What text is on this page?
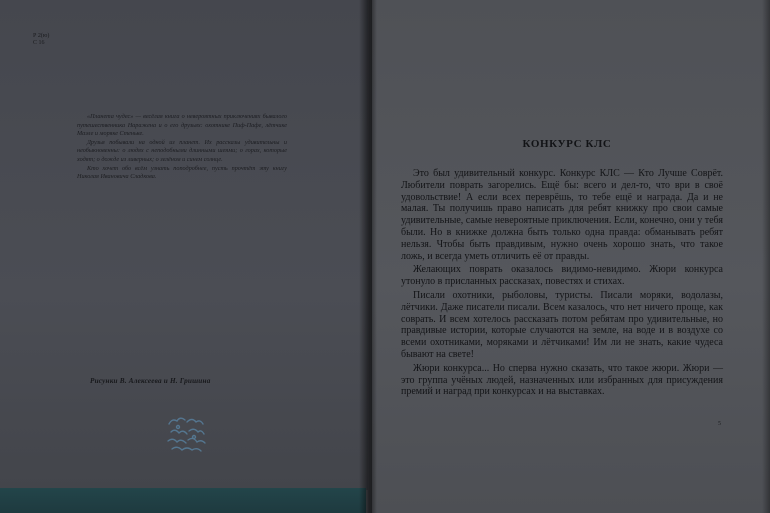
Р 2(ю)
С 16

«Планета чудес» — весёлая книга о невероятных приключениях бывалого путешественника Наражена и о его друзьях: охотнике Пиф-Пафе, лётчике Маэле и моряке Стеньке.

Друзья побывали на одной из планет. Их рассказы удивительны и необыкновенны: о людях с неподобными длинными шеями; о горах, которые ходят; о дожде из ливерных; о зелёном и синем солнце.

Кто хочет обо всём узнать поподробнее, пусть прочтёт эту книгу Николая Ивановича Сладкова.

Рисунки В. Алексеева и Н. Гришина

КОНКУРС КЛС

Это был удивительный конкурс. Конкурс КЛС — Кто Лучше Соврёт. Любители поврать загорелись. Ещё бы: всего и дел-то, что ври в своё удовольствие! А если всех переврёшь, то тебе ещё и награда. Да и не малая. Ты получишь право написать для ребят книжку про свои самые удивительные, самые невероятные приключения. Если, конечно, они у тебя были. Но в книжке должна быть только одна правда: обманывать ребят нельзя. Чтобы быть правдивым, нужно очень хорошо знать, что такое ложь, и всегда уметь отличить её от правды.

Желающих поврать оказалось видимо-невидимо. Жюри конкурса утонуло в присланных рассказах, повестях и стихах.

Писали охотники, рыболовы, туристы. Писали моряки, водолазы, лётчики. Даже писатели писали. Всем казалось, что нет ничего проще, как соврать. И всем хотелось рассказать потом ребятам про удивительные, но правдивые истории, которые случаются на земле, на воде и в воздухе со всеми охотниками, моряками и лётчиками! Им ли не знать, какие чудеса бывают на свете!

Жюри конкурса... Но сперва нужно сказать, что такое жюри. Жюри — это группа учёных людей, назначенных или избранных для присуждения премий и наград при конкурсах и на выставках.

5
